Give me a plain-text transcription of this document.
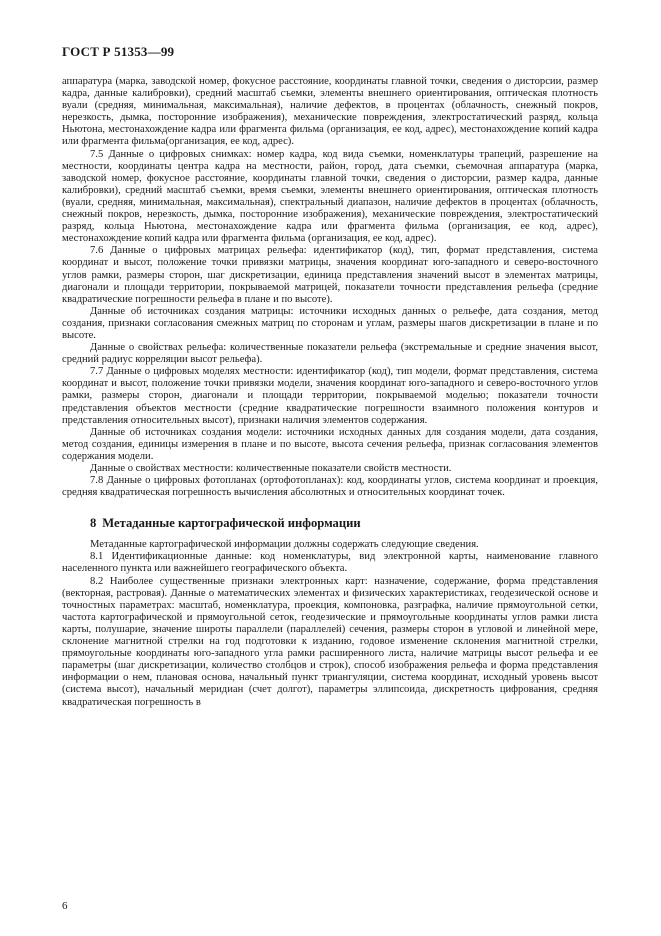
ГОСТ Р 51353—99

аппаратура (марка, заводской номер, фокусное расстояние, координаты главной точки, сведения о дисторсии, размер кадра, данные калибровки), средний масштаб съемки, элементы внешнего ориентирования, оптическая плотность вуали (средняя, минимальная, максимальная), наличие дефектов, в процентах (облачность, снежный покров, нерезкость, дымка, посторонние изображения), механические повреждения, электростатический разряд, кольца Ньютона, местонахождение кадра или фрагмента фильма (организация, ее код, адрес), местонахождение копий кадра или фрагмента фильма(организация, ее код, адрес).

7.5 Данные о цифровых снимках: номер кадра, код вида съемки, номенклатуры трапеций, разрешение на местности, координаты центра кадра на местности, район, город, дата съемки, съемочная аппаратура (марка, заводской номер, фокусное расстояние, координаты главной точки, сведения о дисторсии, размер кадра, данные калибровки), средний масштаб съемки, время съемки, элементы внешнего ориентирования, оптическая плотность (вуали, средняя, минимальная, максимальная), спектральный диапазон, наличие дефектов в процентах (облачность, снежный покров, нерезкость, дымка, посторонние изображения), механические повреждения, электростатический разряд, кольца Ньютона, местонахождение кадра или фрагмента фильма (организация, ее код, адрес), местонахождение копий кадра или фрагмента фильма (организация, ее код, адрес).

7.6 Данные о цифровых матрицах рельефа: идентификатор (код), тип, формат представления, система координат и высот, положение точки привязки матрицы, значения координат юго-западного и северо-восточного углов рамки, размеры сторон, шаг дискретизации, единица представления значений высот в элементах матрицы, диагонали и площади территории, покрываемой матрицей, показатели точности представления рельефа (средние квадратические погрешности рельефа в плане и по высоте).

Данные об источниках создания матрицы: источники исходных данных о рельефе, дата создания, метод создания, признаки согласования смежных матриц по сторонам и углам, размеры шагов дискретизации в плане и по высоте.

Данные о свойствах рельефа: количественные показатели рельефа (экстремальные и средние значения высот, средний радиус корреляции высот рельефа).

7.7 Данные о цифровых моделях местности: идентификатор (код), тип модели, формат представления, система координат и высот, положение точки привязки модели, значения координат юго-западного и северо-восточного углов рамки, размеры сторон, диагонали и площади территории, покрываемой моделью; показатели точности представления объектов местности (средние квадратические погрешности взаимного положения контуров и представления относительных высот), признаки наличия элементов содержания.

Данные об источниках создания модели: источники исходных данных для создания модели, дата создания, метод создания, единицы измерения в плане и по высоте, высота сечения рельефа, признак согласования элементов содержания модели.

Данные о свойствах местности: количественные показатели свойств местности.

7.8 Данные о цифровых фотопланах (ортофотопланах): код, координаты углов, система координат и проекция, средняя квадратическая погрешность вычисления абсолютных и относительных координат точек.

8 Метаданные картографической информации

Метаданные картографической информации должны содержать следующие сведения.

8.1 Идентификационные данные: код номенклатуры, вид электронной карты, наименование главного населенного пункта или важнейшего географического объекта.

8.2 Наиболее существенные признаки электронных карт: назначение, содержание, форма представления (векторная, растровая). Данные о математических элементах и физических характеристиках, геодезической основе и точностных параметрах: масштаб, номенклатура, проекция, компоновка, разграфка, наличие прямоугольной сетки, частота картографической и прямоугольной сеток, геодезические и прямоугольные координаты углов рамки листа карты, полушарие, значение широты параллели (параллелей) сечения, размеры сторон в угловой и линейной мере, склонение магнитной стрелки на год подготовки к изданию, годовое изменение склонения магнитной стрелки, прямоугольные координаты юго-западного угла рамки расширенного листа, наличие матрицы высот рельефа и ее параметры (шаг дискретизации, количество столбцов и строк), способ изображения рельефа и форма представления информации о нем, плановая основа, начальный пункт триангуляции, система координат, исходный уровень высот (система высот), начальный меридиан (счет долгот), параметры эллипсоида, дискретность цифрования, средняя квадратическая погрешность в

6
